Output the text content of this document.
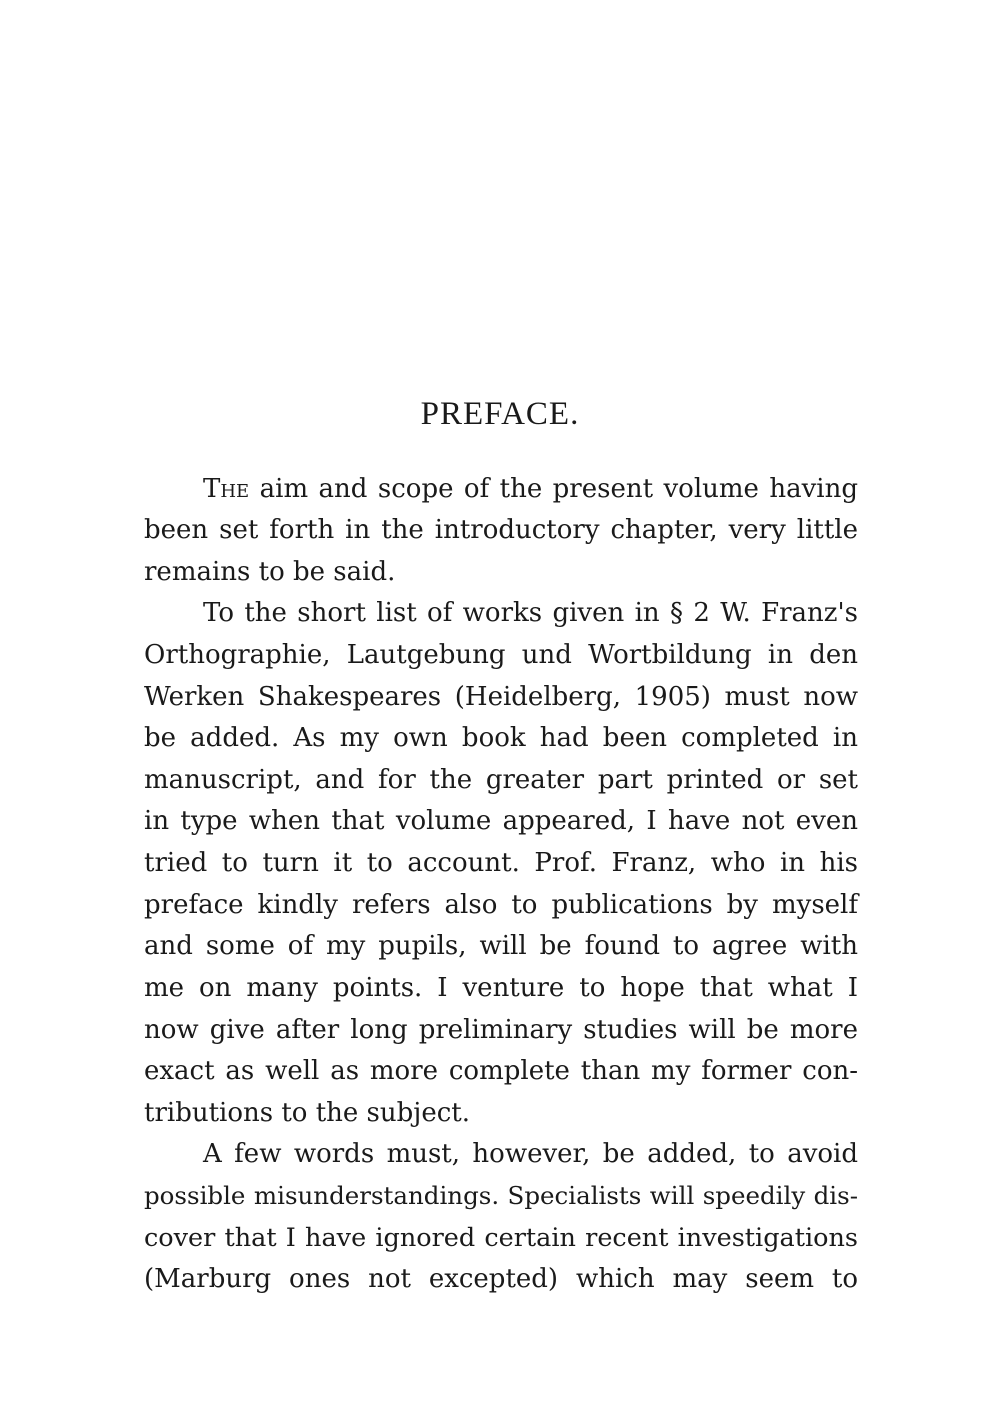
PREFACE.
The aim and scope of the present volume having
been set forth in the introductory chapter, very little
remains to be said.
To the short list of works given in § 2 W. Franz's
Orthographie, Lautgebung und Wortbildung in den
Werken Shakespeares (Heidelberg, 1905) must now
be added. As my own book had been completed in
manuscript, and for the greater part printed or set
in type when that volume appeared, I have not even
tried to turn it to account. Prof. Franz, who in his
preface kindly refers also to publications by myself
and some of my pupils, will be found to agree with
me on many points. I venture to hope that what I
now give after long preliminary studies will be more
exact as well as more complete than my former con-
tributions to the subject.
A few words must, however, be added, to avoid
possible misunderstandings. Specialists will speedily dis-
cover that I have ignored certain recent investigations
(Marburg ones not excepted) which may seem to
